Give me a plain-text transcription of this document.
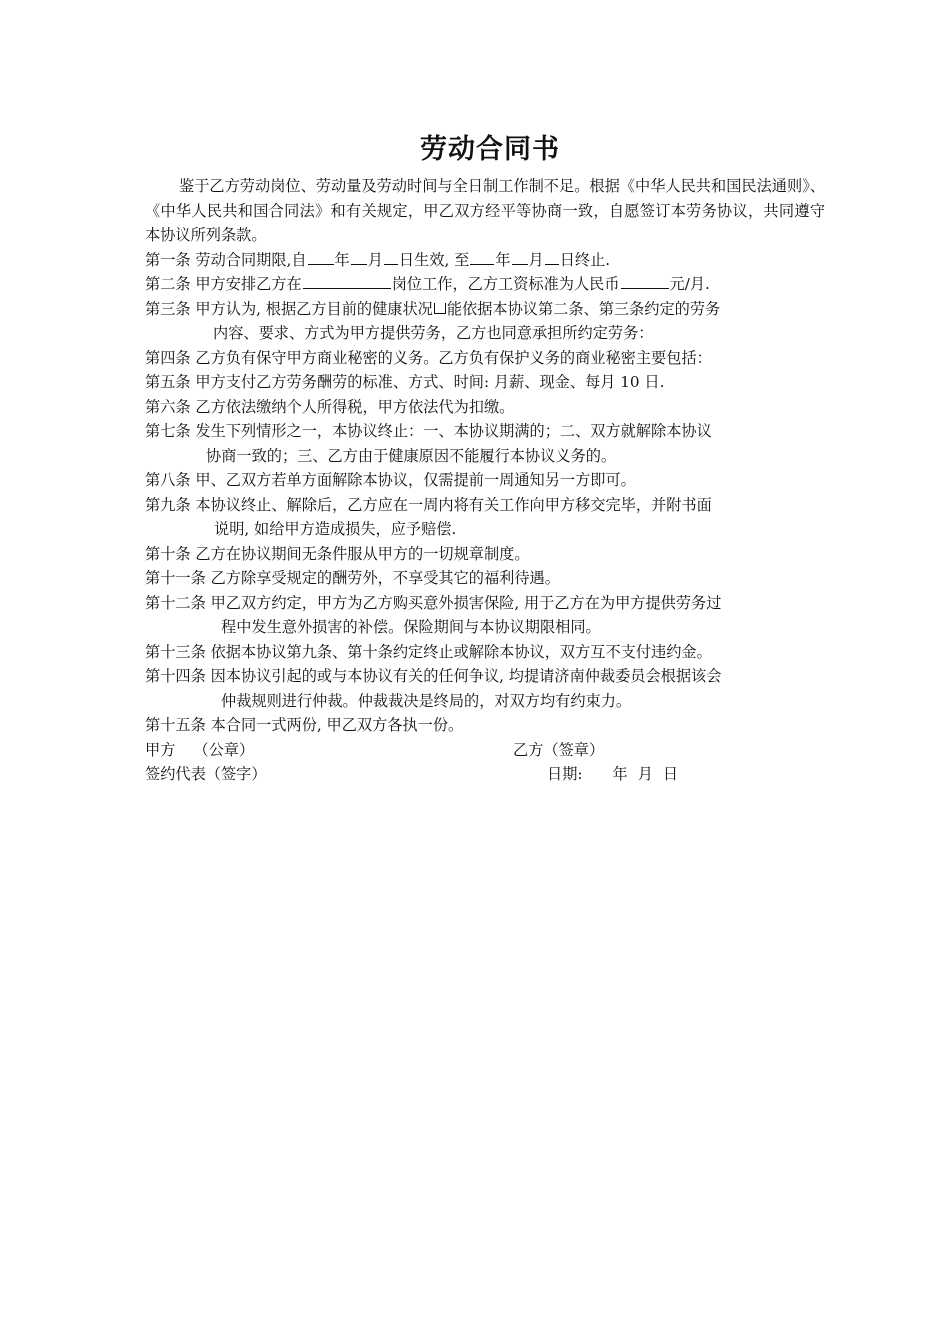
劳动合同书

鉴于乙方劳动岗位、劳动量及劳动时间与全日制工作制不足。根据《中华人民共和国民法通则》、《中华人民共和国合同法》和有关规定，甲乙双方经平等协商一致，自愿签订本劳务协议，共同遵守本协议所列条款。

第一条 劳动合同期限,自 年 月 日生效, 至 年 月 日终止.

第二条 甲方安排乙方在	岗位工作，乙方工资标准为人民币	元/月.

第三条 甲方认为, 根据乙方目前的健康状况 能依据本协议第二条、第三条约定的劳务
内容、要求、方式为甲方提供劳务，乙方也同意承担所约定劳务：

第四条 乙方负有保守甲方商业秘密的义务。乙方负有保护义务的商业秘密主要包括：

第五条 甲方支付乙方劳务酬劳的标准、方式、时间: 月薪、现金、每月 10 日.

第六条 乙方依法缴纳个人所得税，甲方依法代为扣缴。

第七条 发生下列情形之一，本协议终止：一、本协议期满的；二、双方就解除本协议
协商一致的；三、乙方由于健康原因不能履行本协议义务的。

第八条 甲、乙双方若单方面解除本协议，仅需提前一周通知另一方即可。

第九条 本协议终止、解除后，乙方应在一周内将有关工作向甲方移交完毕，并附书面
说明, 如给甲方造成损失，应予赔偿.

第十条 乙方在协议期间无条件服从甲方的一切规章制度。

第十一条 乙方除享受规定的酬劳外，不享受其它的福利待遇。

第十二条 甲乙双方约定，甲方为乙方购买意外损害保险, 用于乙方在为甲方提供劳务过
程中发生意外损害的补偿。保险期间与本协议期限相同。

第十三条 依据本协议第九条、第十条约定终止或解除本协议，双方互不支付违约金。

第十四条 因本协议引起的或与本协议有关的任何争议, 均提请济南仲裁委员会根据该会
仲裁规则进行仲裁。仲裁裁决是终局的，对双方均有约束力。

第十五条 本合同一式两份, 甲乙双方各执一份。

甲方 （公章）	乙方（签章）
签约代表（签字）	日期: 年 月 日
